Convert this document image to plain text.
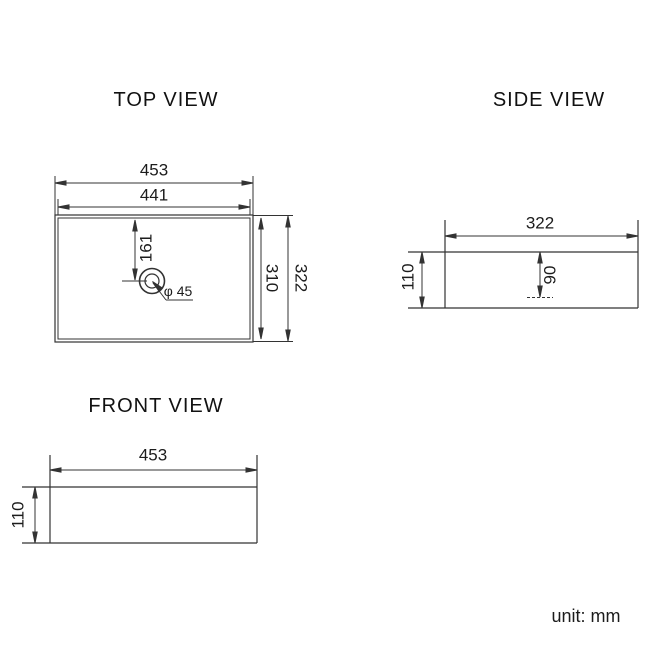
TOP VIEW	SIDE VIEW
FRONT VIEW
453
441
161
310 322
φ 45
322
110	90
453
110
unit: mm
